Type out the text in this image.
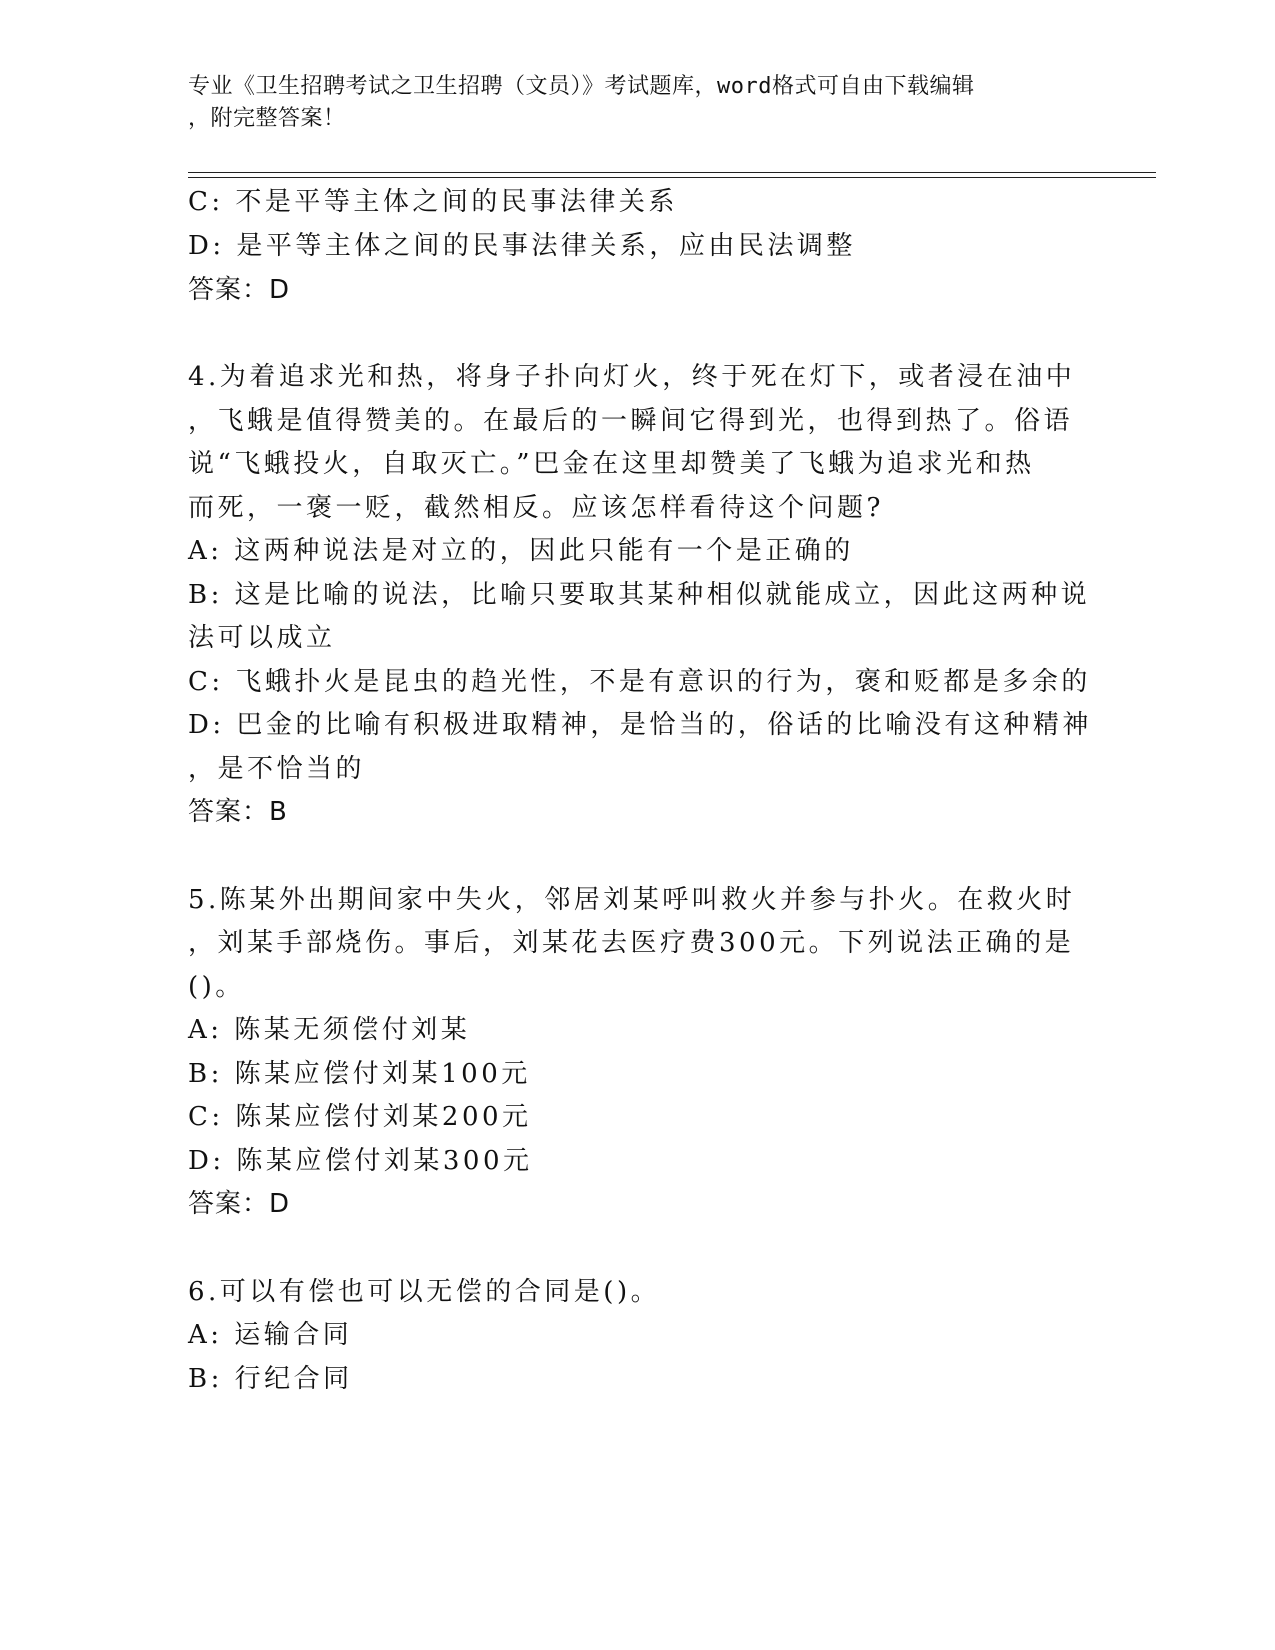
专业《卫生招聘考试之卫生招聘（文员）》考试题库，word格式可自由下载编辑
，附完整答案！
C: 不是平等主体之间的民事法律关系
D: 是平等主体之间的民事法律关系，应由民法调整
答案：D
4.为着追求光和热，将身子扑向灯火，终于死在灯下，或者浸在油中
，飞蛾是值得赞美的。在最后的一瞬间它得到光，也得到热了。俗语
说“飞蛾投火，自取灭亡。”巴金在这里却赞美了飞蛾为追求光和热
而死，一褒一贬，截然相反。应该怎样看待这个问题?
A: 这两种说法是对立的，因此只能有一个是正确的
B: 这是比喻的说法，比喻只要取其某种相似就能成立，因此这两种说
法可以成立
C: 飞蛾扑火是昆虫的趋光性，不是有意识的行为，褒和贬都是多余的
D: 巴金的比喻有积极进取精神，是恰当的，俗话的比喻没有这种精神
，是不恰当的
答案：B
5.陈某外出期间家中失火，邻居刘某呼叫救火并参与扑火。在救火时
，刘某手部烧伤。事后，刘某花去医疗费300元。下列说法正确的是
()。
A: 陈某无须偿付刘某
B: 陈某应偿付刘某100元
C: 陈某应偿付刘某200元
D: 陈某应偿付刘某300元
答案：D
6.可以有偿也可以无偿的合同是()。
A: 运输合同
B: 行纪合同
